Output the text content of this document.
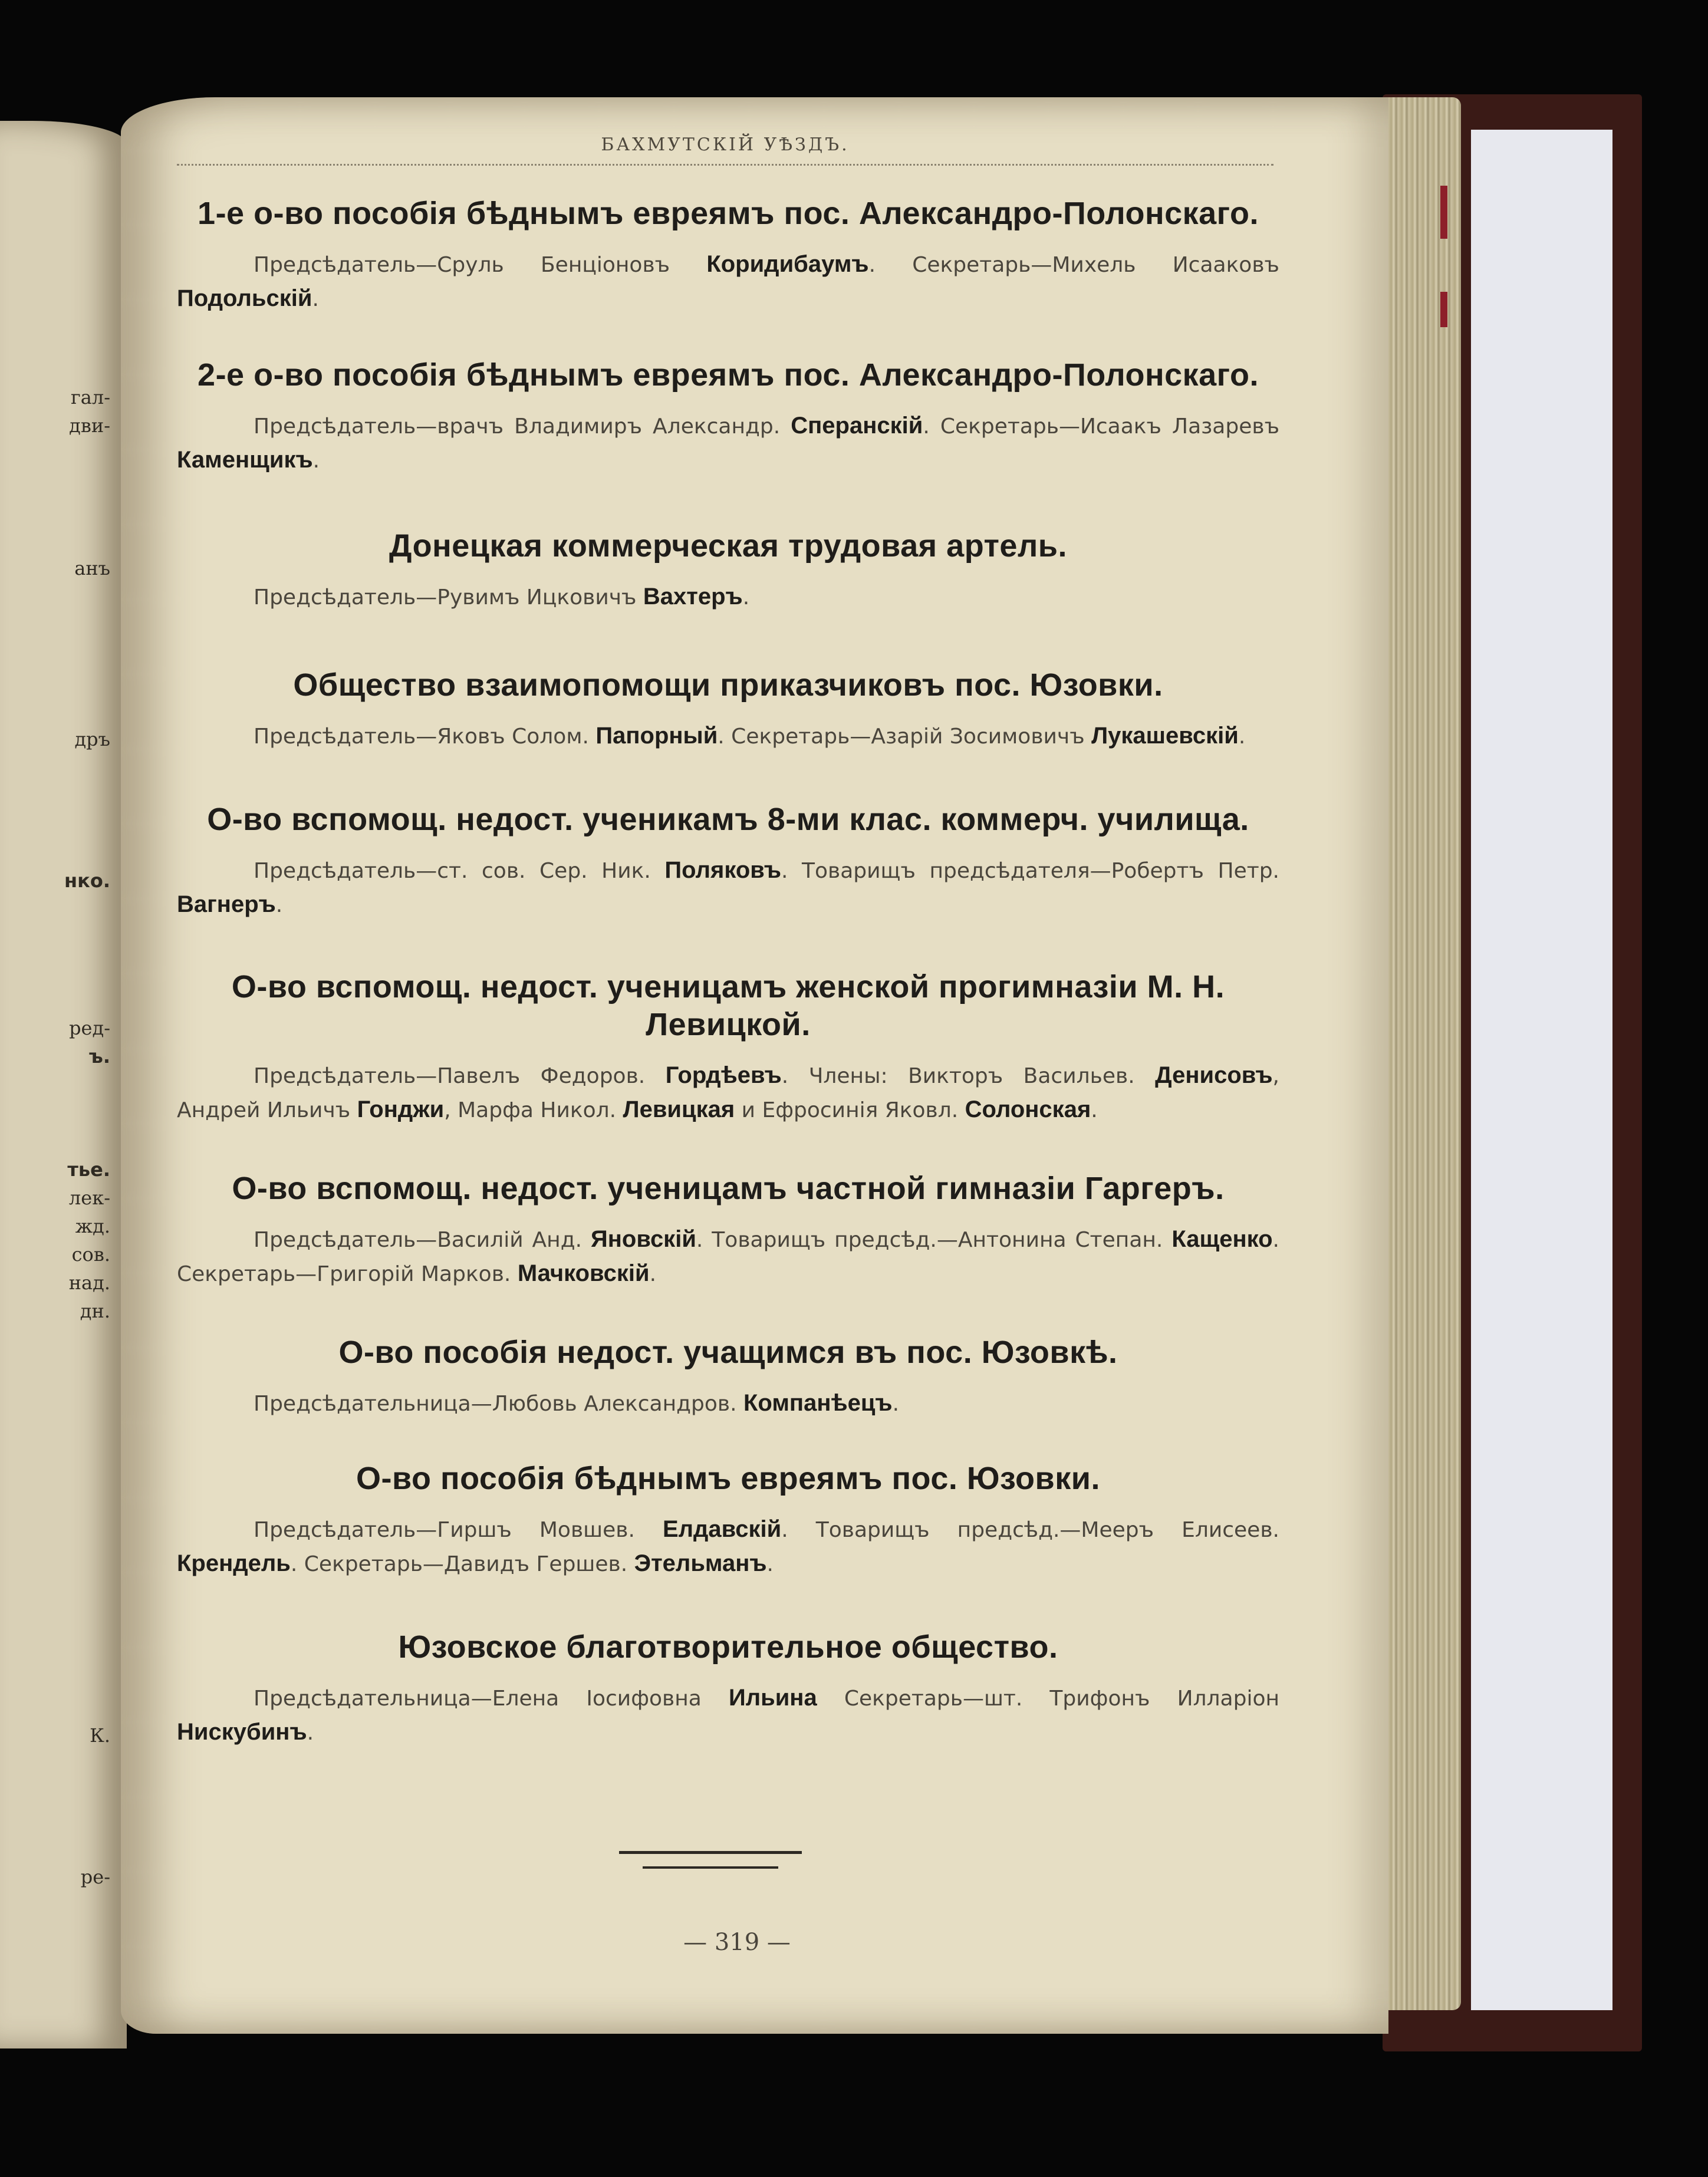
гал-
дви-
анъ
дръ
нко.
ред-
ъ.
тье.
лек-
жд.
сов.
над.
дн.
К.
ре-
БАХМУТСКІЙ УѢЗДЪ.
1-е о-во пособія бѣднымъ евреямъ пос. Александро-Полонскаго.

Предсѣдатель—Сруль Бенціоновъ Коридибаумъ. Секретарь—Михель Исааковъ Подольскій.

2-е о-во пособія бѣднымъ евреямъ пос. Александро-Полонскаго.

Предсѣдатель—врачъ Владимиръ Александр. Сперанскій. Секретарь—Исаакъ Лазаревъ Каменщикъ.

Донецкая коммерческая трудовая артель.

Предсѣдатель—Рувимъ Ицковичъ Вахтеръ.

Общество взаимопомощи приказчиковъ пос. Юзовки.

Предсѣдатель—Яковъ Солом. Папорный. Секретарь—Азарій Зосимовичъ Лукашевскій.

О-во вспомощ. недост. ученикамъ 8-ми клас. коммерч. училища.

Предсѣдатель—ст. сов. Сер. Ник. Поляковъ. Товарищъ предсѣдателя—Робертъ Петр. Вагнеръ.

О-во вспомощ. недост. ученицамъ женской прогимназіи М. Н. Левицкой.

Предсѣдатель—Павелъ Федоров. Гордѣевъ. Члены: Викторъ Васильев. Денисовъ, Андрей Ильичъ Гонджи, Марфа Никол. Левицкая и Ефросинія Яковл. Солонская.

О-во вспомощ. недост. ученицамъ частной гимназіи Гаргеръ.

Предсѣдатель—Василій Анд. Яновскій. Товарищъ предсѣд.—Антонина Степан. Кащенко. Секретарь—Григорій Марков. Мачковскій.

О-во пособія недост. учащимся въ пос. Юзовкѣ.

Предсѣдательница—Любовь Александров. Компанѣецъ.

О-во пособія бѣднымъ евреямъ пос. Юзовки.

Предсѣдатель—Гиршъ Мовшев. Елдавскій. Товарищъ предсѣд.—Мееръ Елисеев. Крендель. Секретарь—Давидъ Гершев. Этельманъ.

Юзовское благотворительное общество.

Предсѣдательница—Елена Іосифовна Ильина Секретарь—шт. Трифонъ Илларіон Нискубинъ.

— 319 —
